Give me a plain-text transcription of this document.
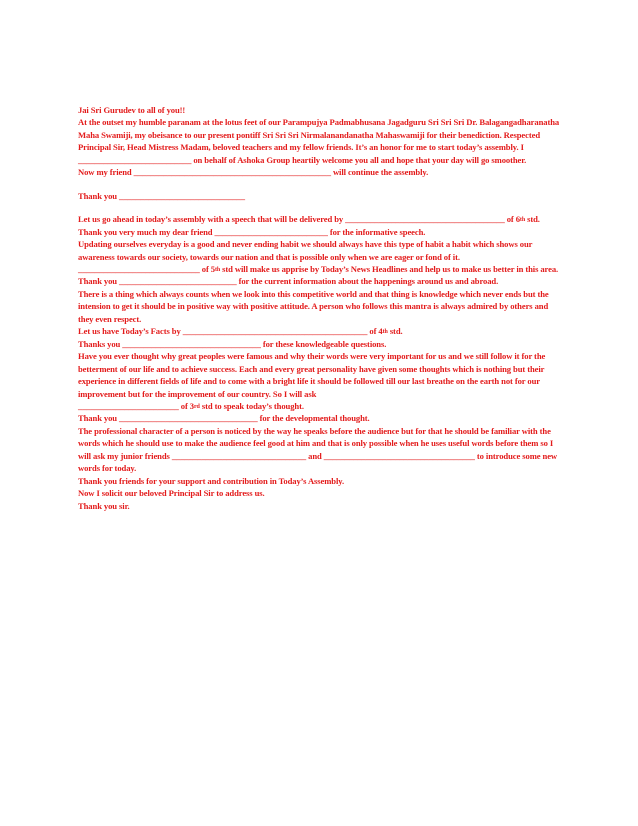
Jai Sri Gurudev to all of you!!

At the outset my humble paranam at the lotus feet of our Parampujya Padmabhusana Jagadguru Sri Sri Sri Dr. Balagangadharanatha Maha Swamiji, my obeisance to our present pontiff Sri Sri Sri Nirmalanandanatha Mahaswamiji for their benediction. Respected Principal Sir, Head Mistress Madam, beloved teachers and my fellow friends. It’s an honor for me to start today’s assembly. I ___________________________ on behalf of Ashoka Group heartily welcome you all and hope that your day will go smoother.

Now my friend _______________________________________________ will continue the assembly.

Thank you ______________________________

Let us go ahead in today’s assembly with a speech that will be delivered by ______________________________________ of 6th std.

Thank you very much my dear friend ___________________________ for the informative speech.

Updating ourselves everyday is a good and never ending habit we should always have this type of habit a habit which shows our awareness towards our society, towards our nation and that is possible only when we are eager or fond of it.

_____________________________ of 5th std will make us apprise by Today’s News Headlines and help us to make us better in this area.

Thank you ____________________________ for the current information about the happenings around us and abroad.

There is a thing which always counts when we look into this competitive world and that thing is knowledge which never ends but the intension to get it should be in positive way with positive attitude. A person who follows this mantra is always admired by others and they even respect.

Let us have Today’s Facts by ____________________________________________ of 4th std.

Thanks you _________________________________ for these knowledgeable questions.

Have you ever thought why great peoples were famous and why their words were very important for us and we still follow it for the betterment of our life and to achieve success. Each and every great personality have given some thoughts which is nothing but their experience in different fields of life and to come with a bright life it should be followed till our last breathe on the earth not for our improvement but for the improvement of our country. So I will ask

________________________ of 3rd std to speak today’s thought.

Thank you _________________________________ for the developmental thought.

The professional character of a person is noticed by the way he speaks before the audience but for that he should be familiar with the words which he should use to make the audience feel good at him and that is only possible when he uses useful words before them so I will ask my junior friends ________________________________ and ____________________________________ to introduce some new words for today.

Thank you friends for your support and contribution in Today’s Assembly.

Now I solicit our beloved Principal Sir to address us.

Thank you sir.
